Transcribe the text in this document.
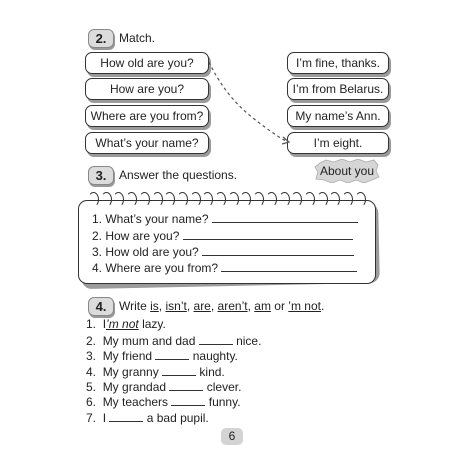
2.	Match.
How old are you?
How are you?
Where are you from?
What’s your name?
I’m fine, thanks.
I’m from Belarus.
My name’s Ann.
I’m eight.
3.	Answer the questions.	About you
1. What’s your name?
2. How are you?
3. How old are you?
4. Where are you from?
4.	Write is, isn’t, are, aren’t, am or ’m not.
1. I’m not lazy.
2. My mum and dad	nice.
3. My friend	naughty.
4. My granny	kind.
5. My grandad	clever.
6. My teachers	funny.
7. I	a bad pupil.
6
